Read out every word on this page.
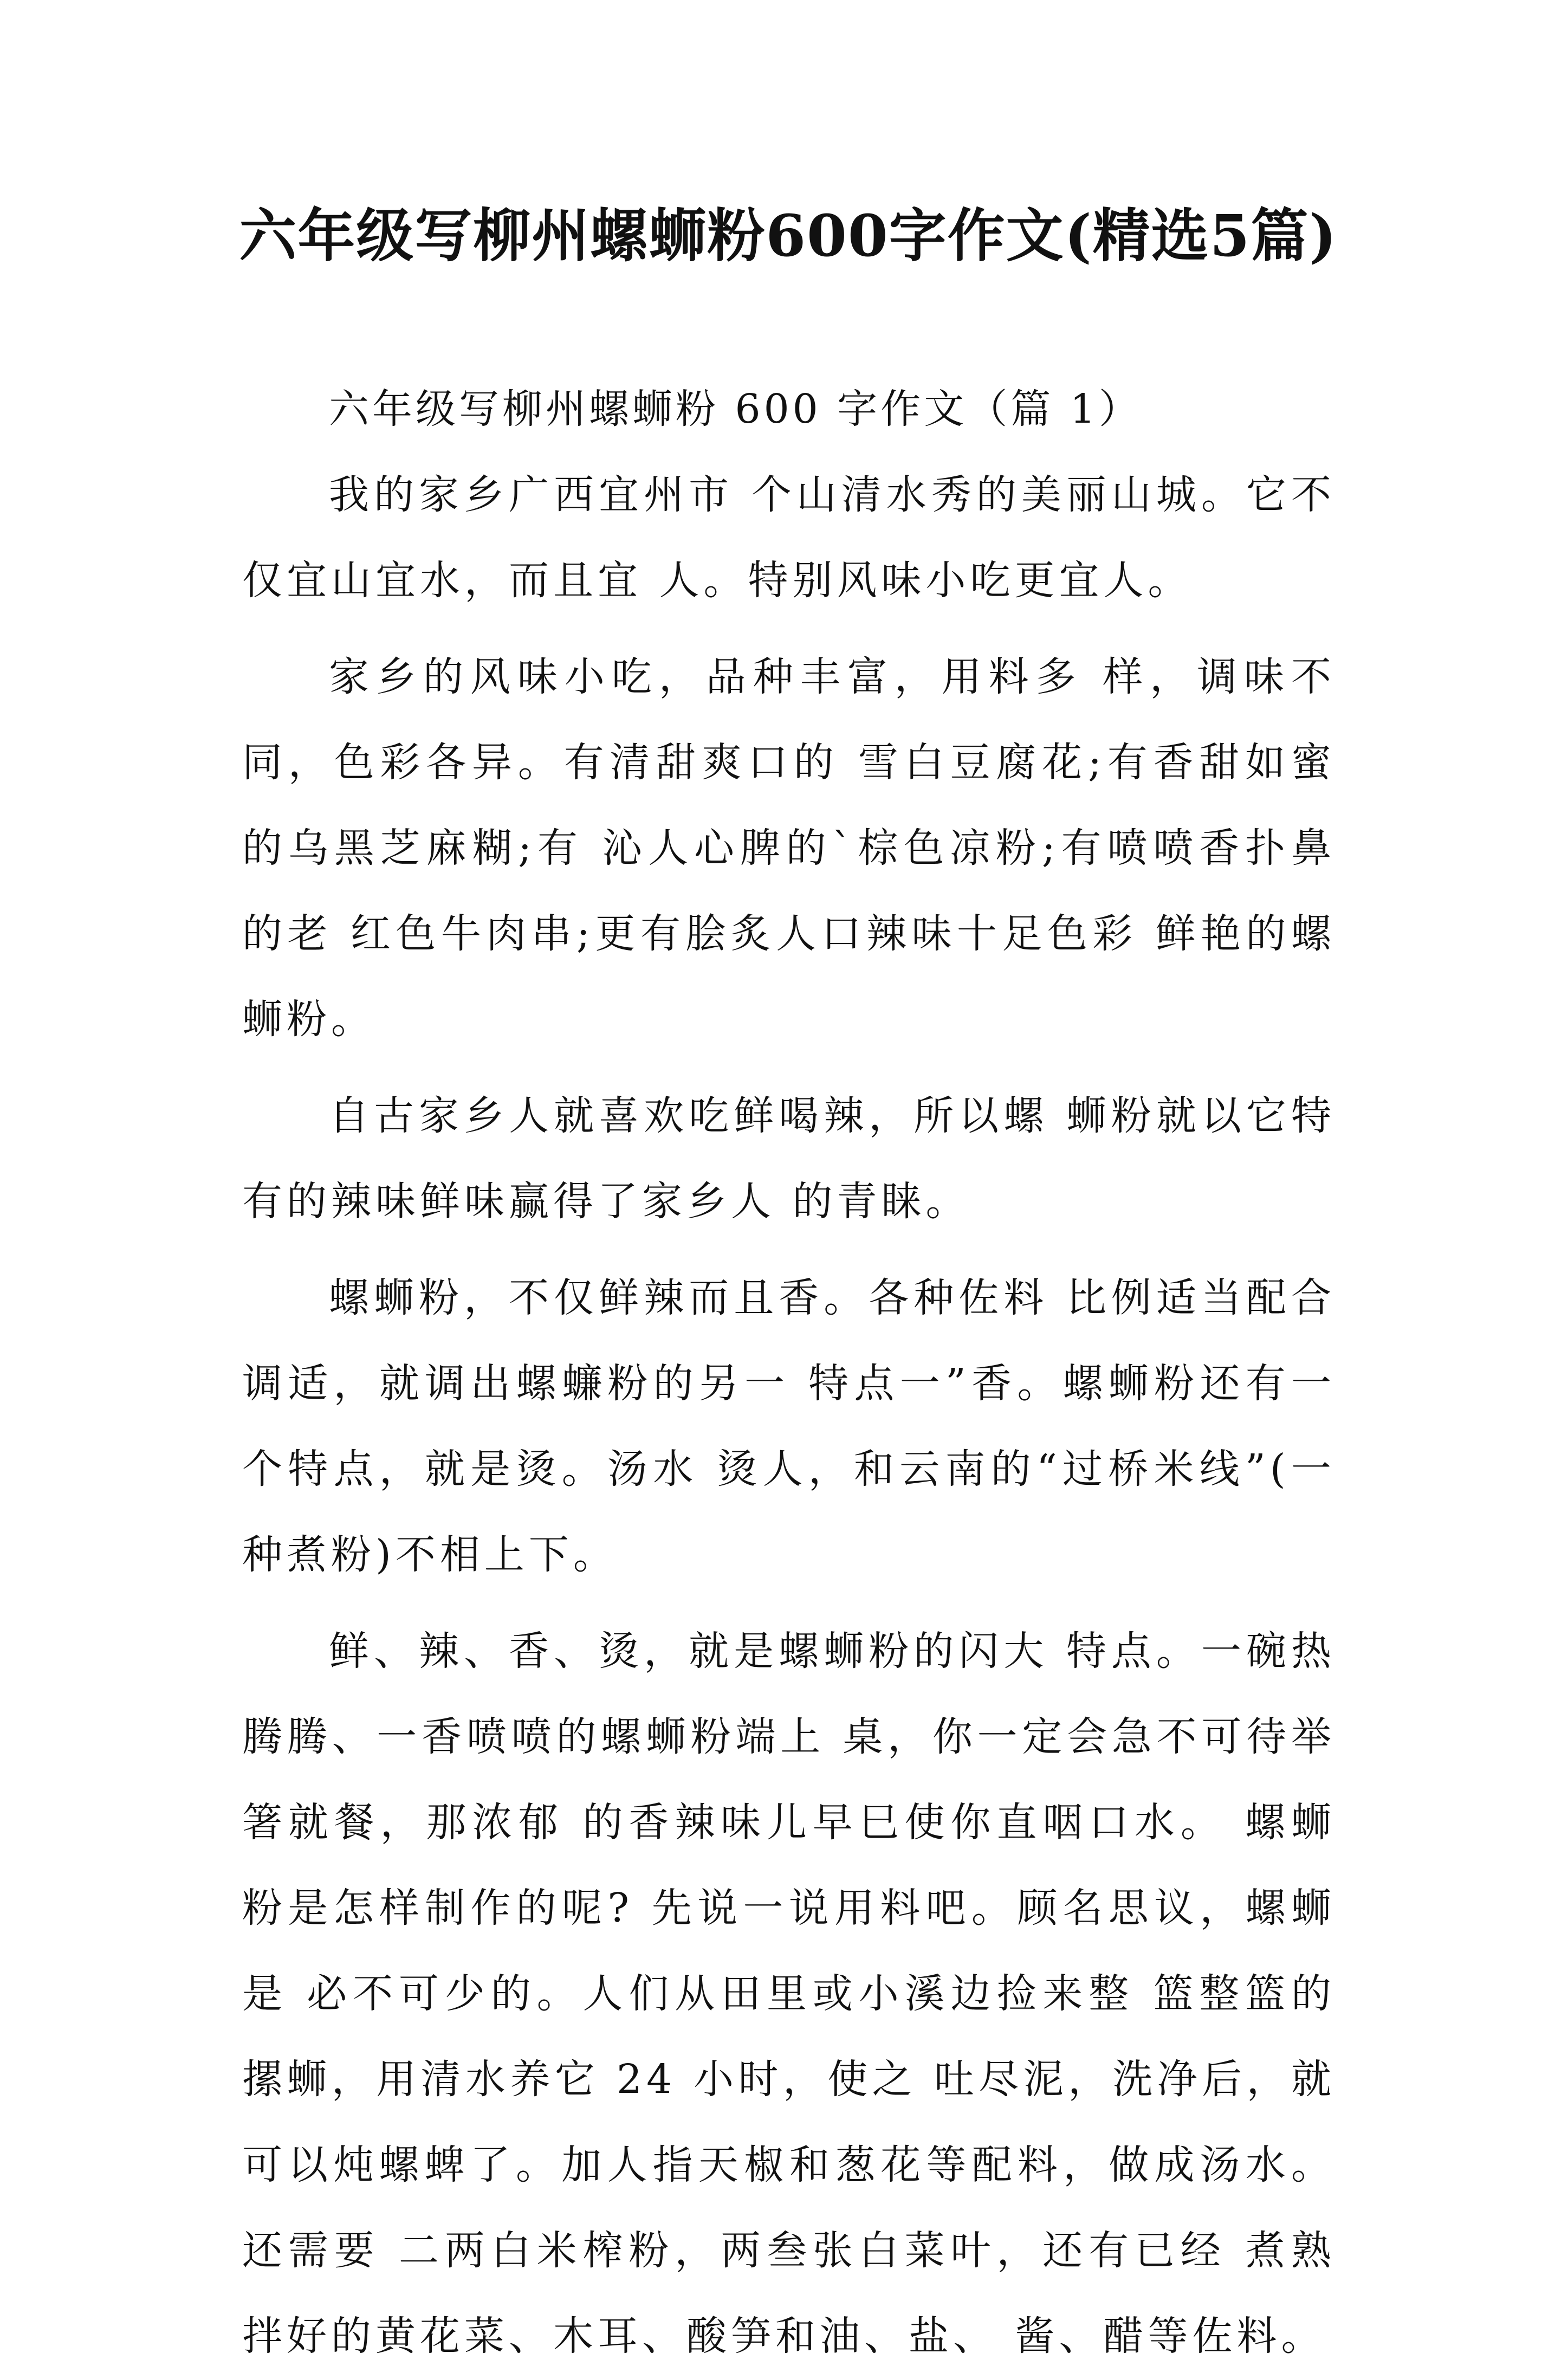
六年级写柳州螺蛳粉600字作文(精选5篇)

六年级写柳州螺蛳粉 600 字作文（篇 1）

我的家乡广西宜州市 个山清水秀的美丽山城。它不仅宜山宜水，而且宜 人。特别风味小吃更宜人。

家乡的风味小吃，品种丰富，用料多 样，调味不同，色彩各异。有清甜爽口的 雪白豆腐花;有香甜如蜜的乌黑芝麻糊;有 沁人心脾的`棕色凉粉;有喷喷香扑鼻的老 红色牛肉串;更有脍炙人口辣味十足色彩 鲜艳的螺蛳粉。

自古家乡人就喜欢吃鲜喝辣，所以螺 蛳粉就以它特有的辣味鲜味赢得了家乡人 的青睐。

螺蛳粉，不仅鲜辣而且香。各种佐料 比例适当配合调适，就调出螺蠊粉的另一 特点一”香。螺蛳粉还有一个特点，就是烫。汤水 烫人，和云南的“过桥米线”(一种煮粉)不相上下。

鲜、辣、香、烫，就是螺蛳粉的闪大 特点。一碗热腾腾、一香喷喷的螺蛳粉端上 桌，你一定会急不可待举箸就餐，那浓郁 的香辣味儿早巳使你直咽口水。 螺蛳粉是怎样制作的呢? 先说一说用料吧。顾名思议，螺蛳是 必不可少的。人们从田里或小溪边捡来整 篮整篮的摞蛳，用清水养它 24 小时，使之 吐尽泥，洗净后，就可以炖螺蜱了。加人指天椒和葱花等配料，做成汤水。还需要 二两白米榨粉，两叁张白菜叶，还有已经 煮熟拌好的黄花菜、木耳、酸笋和油、盐、 酱、醋等佐料。
